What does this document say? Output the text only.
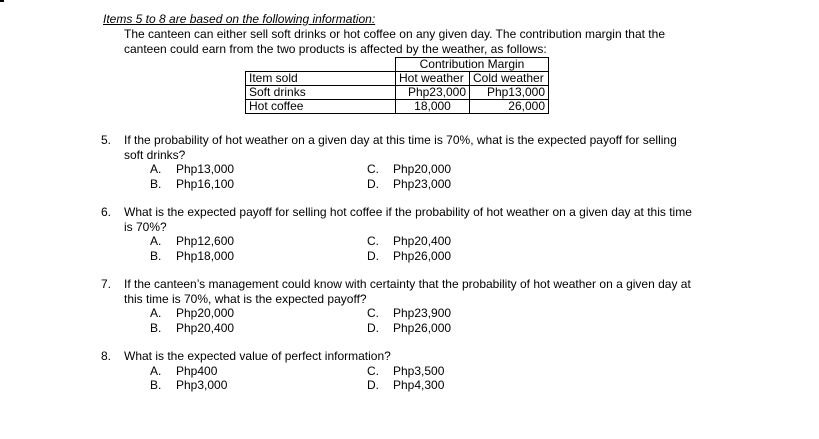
Items 5 to 8 are based on the following information:
The canteen can either sell soft drinks or hot coffee on any given day. The contribution margin that the
canteen could earn from the two products is affected by the weather, as follows:
	Contribution Margin	
Item sold	Hot weather	Cold weather
Soft drinks	Php23,000	Php13,000
Hot coffee	18,000	26,000
5. If the probability of hot weather on a given day at this time is 70%, what is the expected payoff for selling
soft drinks?
A. Php13,000
B. Php16,100
C. Php20,000
D. Php23,000
6. What is the expected payoff for selling hot coffee if the probability of hot weather on a given day at this time
is 70%?
A. Php12,600
B. Php18,000
C. Php20,400
D. Php26,000
7. If the canteen’s management could know with certainty that the probability of hot weather on a given day at
this time is 70%, what is the expected payoff?
A. Php20,000
B. Php20,400
C. Php23,900
D. Php26,000
8. What is the expected value of perfect information?
A. Php400
B. Php3,000
C. Php3,500
D. Php4,300
